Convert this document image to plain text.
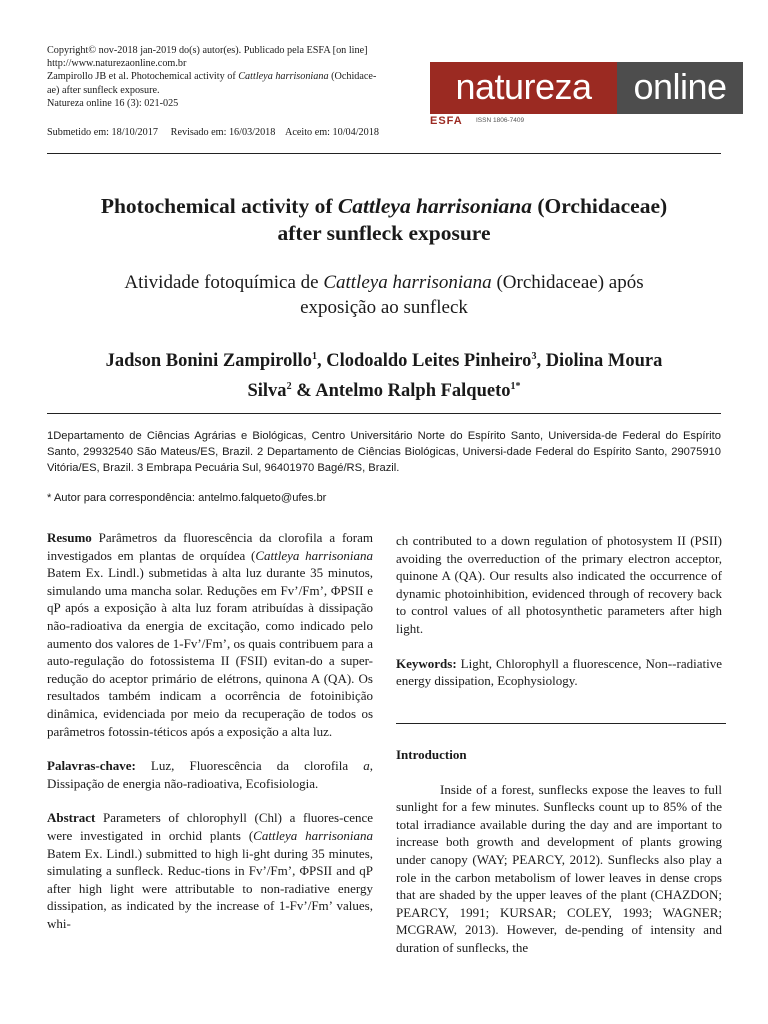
Copyright© nov-2018 jan-2019 do(s) autor(es). Publicado pela ESFA [on line]
http://www.naturezaonline.com.br
Zampirollo JB et al. Photochemical activity of Cattleya harrisoniana (Ochidace-
ae) after sunfleck exposure.
Natureza online 16 (3): 021-025
Submetido em: 18/10/2017 Revisado em: 16/03/2018 Aceito em: 10/04/2018
natureza	online
ESFA ISSN 1806-7409
Photochemical activity of Cattleya harrisoniana (Orchidaceae)
after sunfleck exposure
Atividade fotoquímica de Cattleya harrisoniana (Orchidaceae) após
exposição ao sunfleck
Jadson Bonini Zampirollo$^1$, Clodoaldo Leites Pinheiro$^3$, Diolina Moura
Silva$^2$ & Antelmo Ralph Falqueto$^{1*}$
1Departamento de Ciências Agrárias e Biológicas, Centro Universitário Norte do Espírito Santo, Universida-de Federal do Espírito Santo, 29932540 São Mateus/ES, Brazil. 2 Departamento de Ciências Biológicas, Universi-dade Federal do Espírito Santo, 29075910 Vitória/ES, Brazil. 3 Embrapa Pecuária Sul, 96401970 Bagé/RS, Brazil.
* Autor para correspondência: antelmo.falqueto@ufes.br

Resumo Parâmetros da fluorescência da clorofila a foram investigados em plantas de orquídea (Cattleya harrisoniana Batem Ex. Lindl.) submetidas à alta luz durante 35 minutos, simulando uma mancha solar. Reduções em Fv’/Fm’, ΦPSII e qP após a exposição à alta luz foram atribuídas à dissipação não-radioativa da energia de excitação, como indicado pelo aumento dos valores de 1-Fv’/Fm’, os quais contribuem para a auto-regulação do fotossistema II (FSII) evitan-do a super-redução do aceptor primário de elétrons, quinona A (QA). Os resultados também indicam a ocorrência de fotoinibição dinâmica, evidenciada por meio da recuperação de todos os parâmetros fotossin-téticos após a exposição a alta luz.

Palavras-chave: Luz, Fluorescência da clorofila a, Dissipação de energia não-radioativa, Ecofisiologia.

Abstract Parameters of chlorophyll (Chl) a fluores-cence were investigated in orchid plants (Cattleya harrisoniana Batem Ex. Lindl.) submitted to high li-ght during 35 minutes, simulating a sunfleck. Reduc-tions in Fv’/Fm’, ΦPSII and qP after high light were attributable to non-radiative energy dissipation, as indicated by the increase of 1-Fv’/Fm’ values, whi-

ch contributed to a down regulation of photosystem II (PSII) avoiding the overreduction of the primary electron acceptor, quinone A (QA). Our results also indicated the occurrence of dynamic photoinhibition, evidenced through of recovery back to control values of all photosynthetic parameters after high light.

Keywords: Light, Chlorophyll a fluorescence, Non--radiative energy dissipation, Ecophysiology.

Introduction

Inside of a forest, sunflecks expose the leaves to full sunlight for a few minutes. Sunflecks count up to 85% of the total irradiance available during the day and are important to increase both growth and development of plants growing under canopy (WAY; PEARCY, 2012). Sunflecks also play a role in the carbon metabolism of lower leaves in dense crops that are shaded by the upper leaves of the plant (CHAZDON; PEARCY, 1991; KURSAR; COLEY, 1993; WAGNER; MCGRAW, 2013). However, de-pending of intensity and duration of sunflecks, the
